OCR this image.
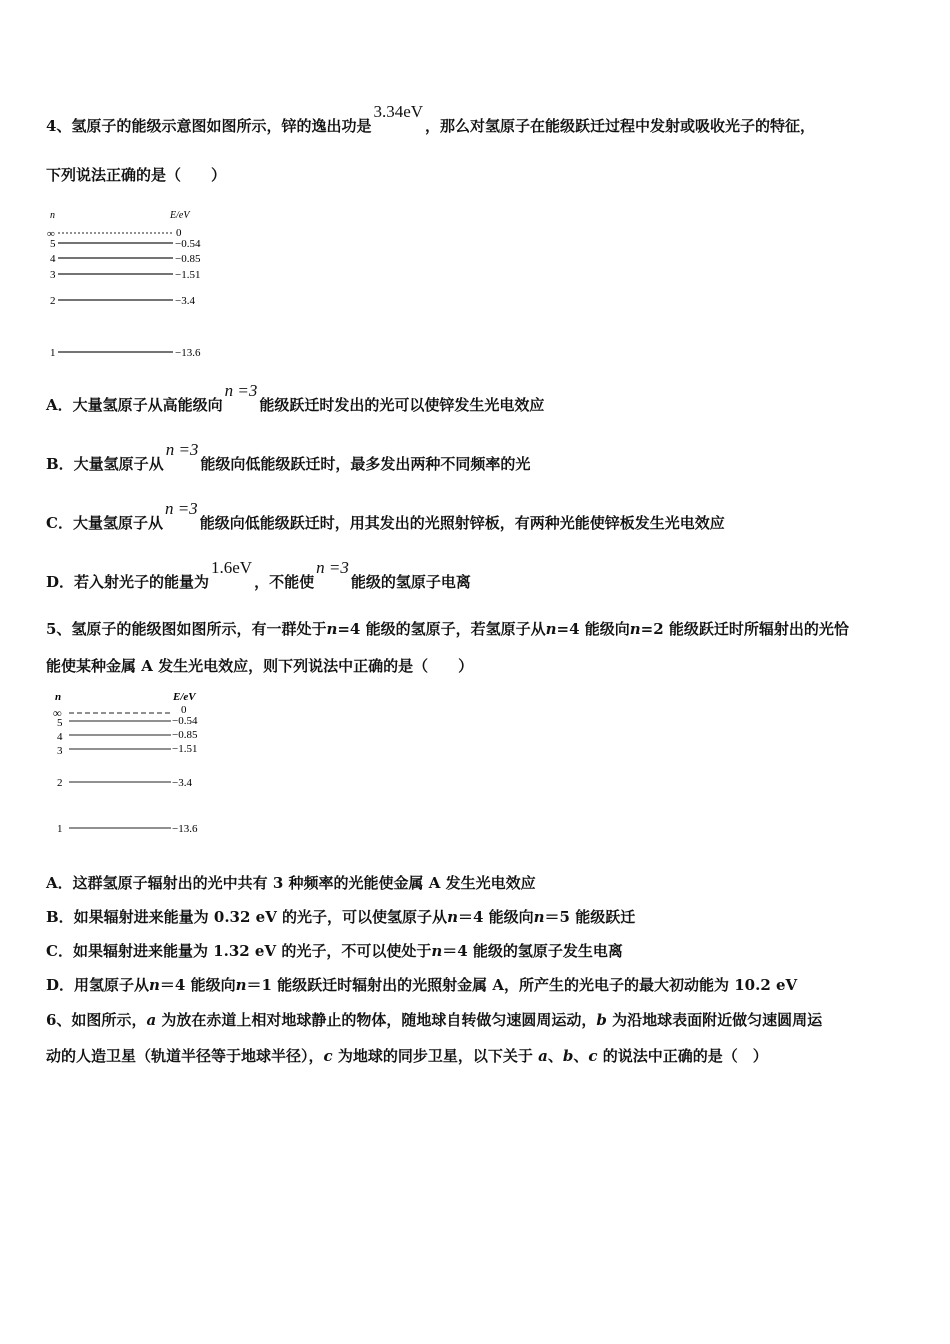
4、氢原子的能级示意图如图所示，锌的逸出功是3.34eV，那么对氢原子在能级跃迁过程中发射或吸收光子的特征，
下列说法正确的是（　　）
n	E/eV
∞
5
4
3
2
1
0
−0.54
−0.85
−1.51
−3.4
−13.6
A．大量氢原子从高能级向n =3能级跃迁时发出的光可以使锌发生光电效应
B．大量氢原子从n =3能级向低能级跃迁时，最多发出两种不同频率的光
C．大量氢原子从n =3能级向低能级跃迁时，用其发出的光照射锌板，有两种光能使锌板发生光电效应
D．若入射光子的能量为1.6eV，不能使n =3能级的氢原子电离
5、氢原子的能级图如图所示，有一群处于n=4 能级的氢原子，若氢原子从n=4 能级向n=2 能级跃迁时所辐射出的光恰
能使某种金属 A 发生光电效应，则下列说法中正确的是（　　）
n	E/eV
∞
5
4
3
2
1
0
−0.54
−0.85
−1.51
−3.4
−13.6
A．这群氢原子辐射出的光中共有 3 种频率的光能使金属 A 发生光电效应
B．如果辐射进来能量为 0.32 eV 的光子，可以使氢原子从n＝4 能级向n＝5 能级跃迁
C．如果辐射进来能量为 1.32 eV 的光子，不可以使处于n＝4 能级的氢原子发生电离
D．用氢原子从n＝4 能级向n＝1 能级跃迁时辐射出的光照射金属 A，所产生的光电子的最大初动能为 10.2 eV
6、如图所示，a 为放在赤道上相对地球静止的物体，随地球自转做匀速圆周运动，b 为沿地球表面附近做匀速圆周运
动的人造卫星（轨道半径等于地球半径），c 为地球的同步卫星，以下关于 a、b、c 的说法中正确的是（　）
